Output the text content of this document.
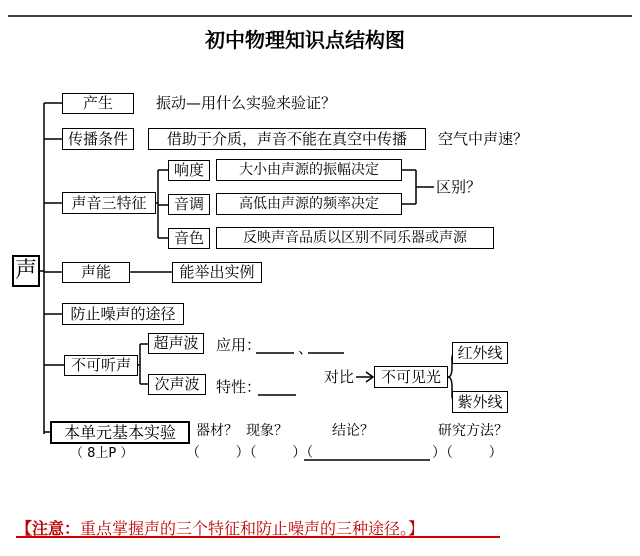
初中物理知识点结构图
声
产生	振动—用什么实验来验证？
传播条件	借助于介质，声音不能在真空中传播	空气中声速？
声音三特征
响度	大小由声源的振幅决定
音调	高低由声源的频率决定
音色	反映声音品质以区别不同乐器或声源
区别？
声能	能举出实例
防止噪声的途径
不可听声
超声波	应用： 、
次声波	特性：
对比	不可见光
红外线
紫外线
本单元基本实验
（ 8上P ）
器材？ 现象？	结论？	研究方法？
（        ）（        ）（	）（        ）
【注意：重点掌握声的三个特征和防止噪声的三种途径。】
